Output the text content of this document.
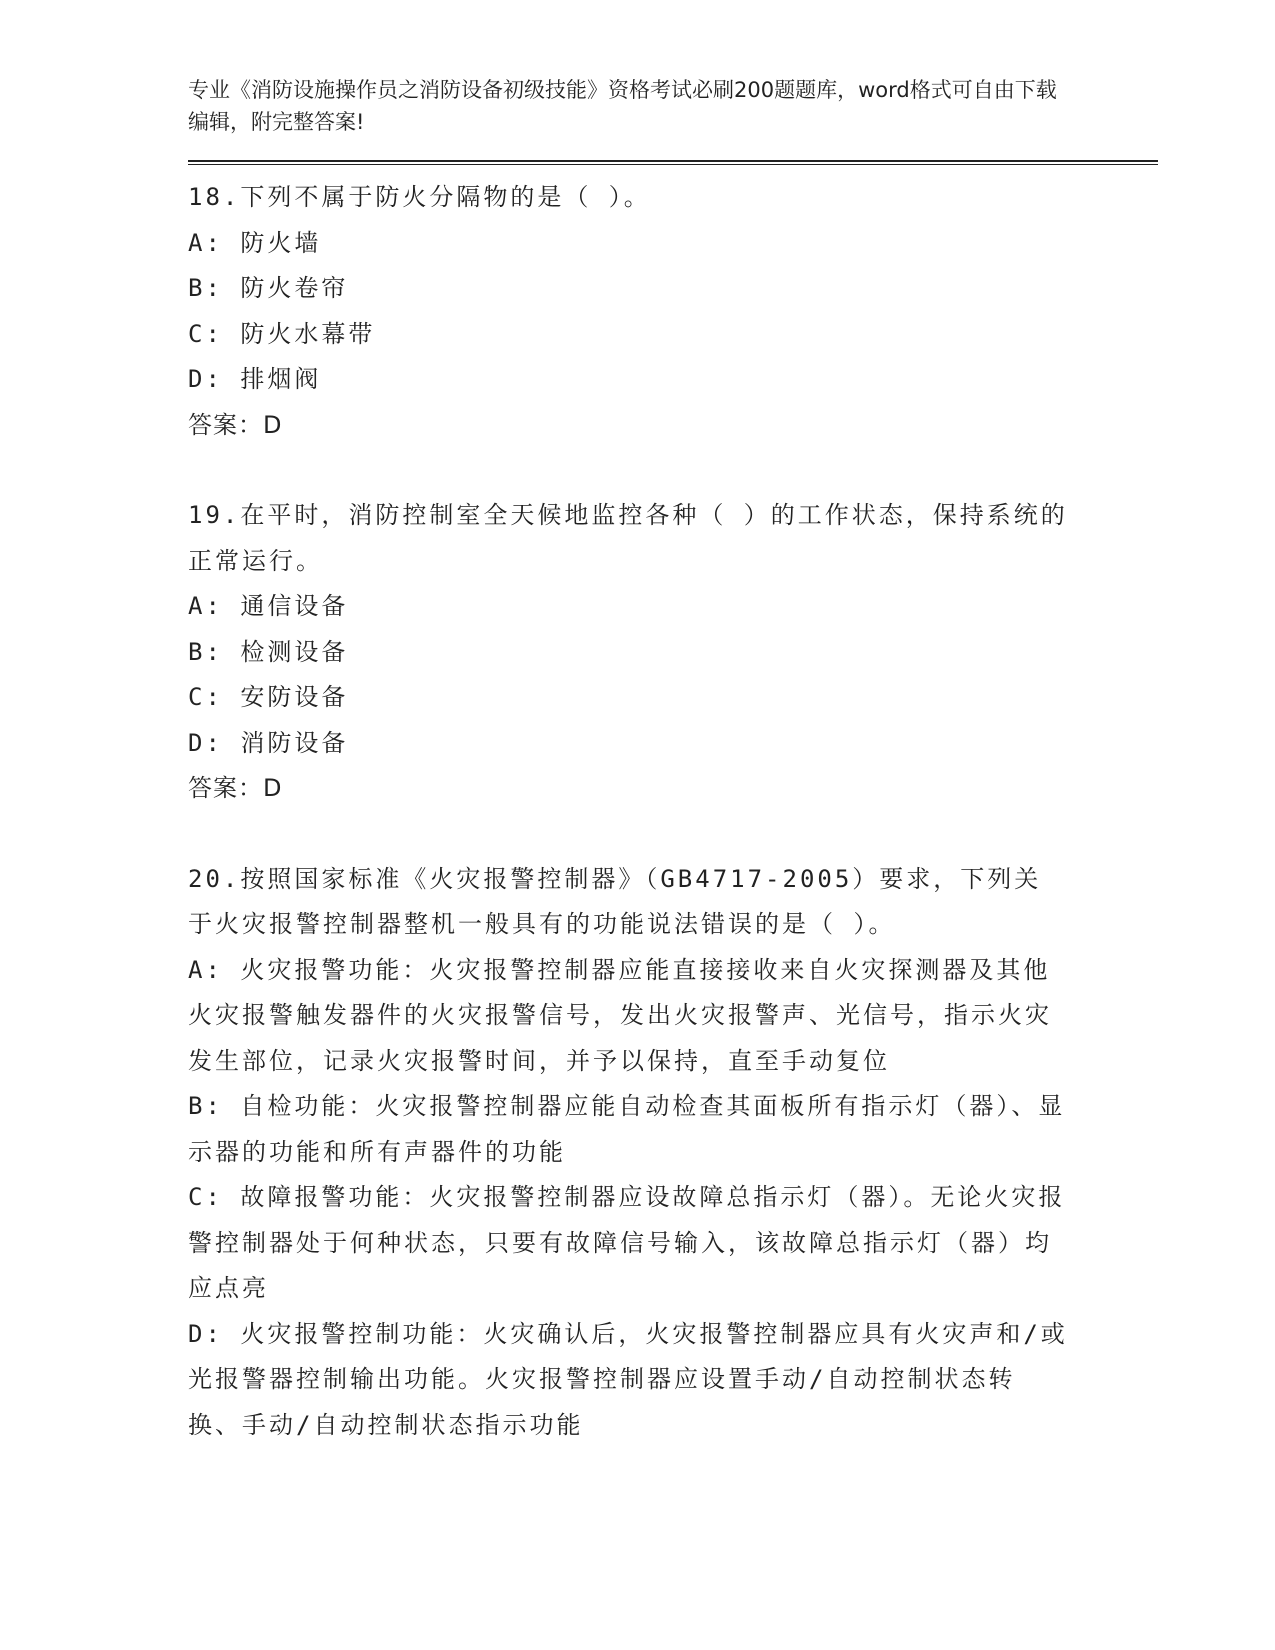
专业《消防设施操作员之消防设备初级技能》资格考试必刷200题题库，word格式可自由下载编辑，附完整答案!

18.下列不属于防火分隔物的是（ ）。

A: 防火墙

B: 防火卷帘

C: 防火水幕带

D: 排烟阀

答案：D

19.在平时，消防控制室全天候地监控各种（ ）的工作状态，保持系统的正常运行。

A: 通信设备

B: 检测设备

C: 安防设备

D: 消防设备

答案：D

20.按照国家标准《火灾报警控制器》（GB4717-2005）要求，下列关于火灾报警控制器整机一般具有的功能说法错误的是（ ）。

A: 火灾报警功能：火灾报警控制器应能直接接收来自火灾探测器及其他火灾报警触发器件的火灾报警信号，发出火灾报警声、光信号，指示火灾发生部位，记录火灾报警时间，并予以保持，直至手动复位

B: 自检功能：火灾报警控制器应能自动检查其面板所有指示灯（器）、显示器的功能和所有声器件的功能

C: 故障报警功能：火灾报警控制器应设故障总指示灯（器）。无论火灾报警控制器处于何种状态，只要有故障信号输入，该故障总指示灯（器）均应点亮

D: 火灾报警控制功能：火灾确认后，火灾报警控制器应具有火灾声和/或光报警器控制输出功能。火灾报警控制器应设置手动/自动控制状态转换、手动/自动控制状态指示功能
